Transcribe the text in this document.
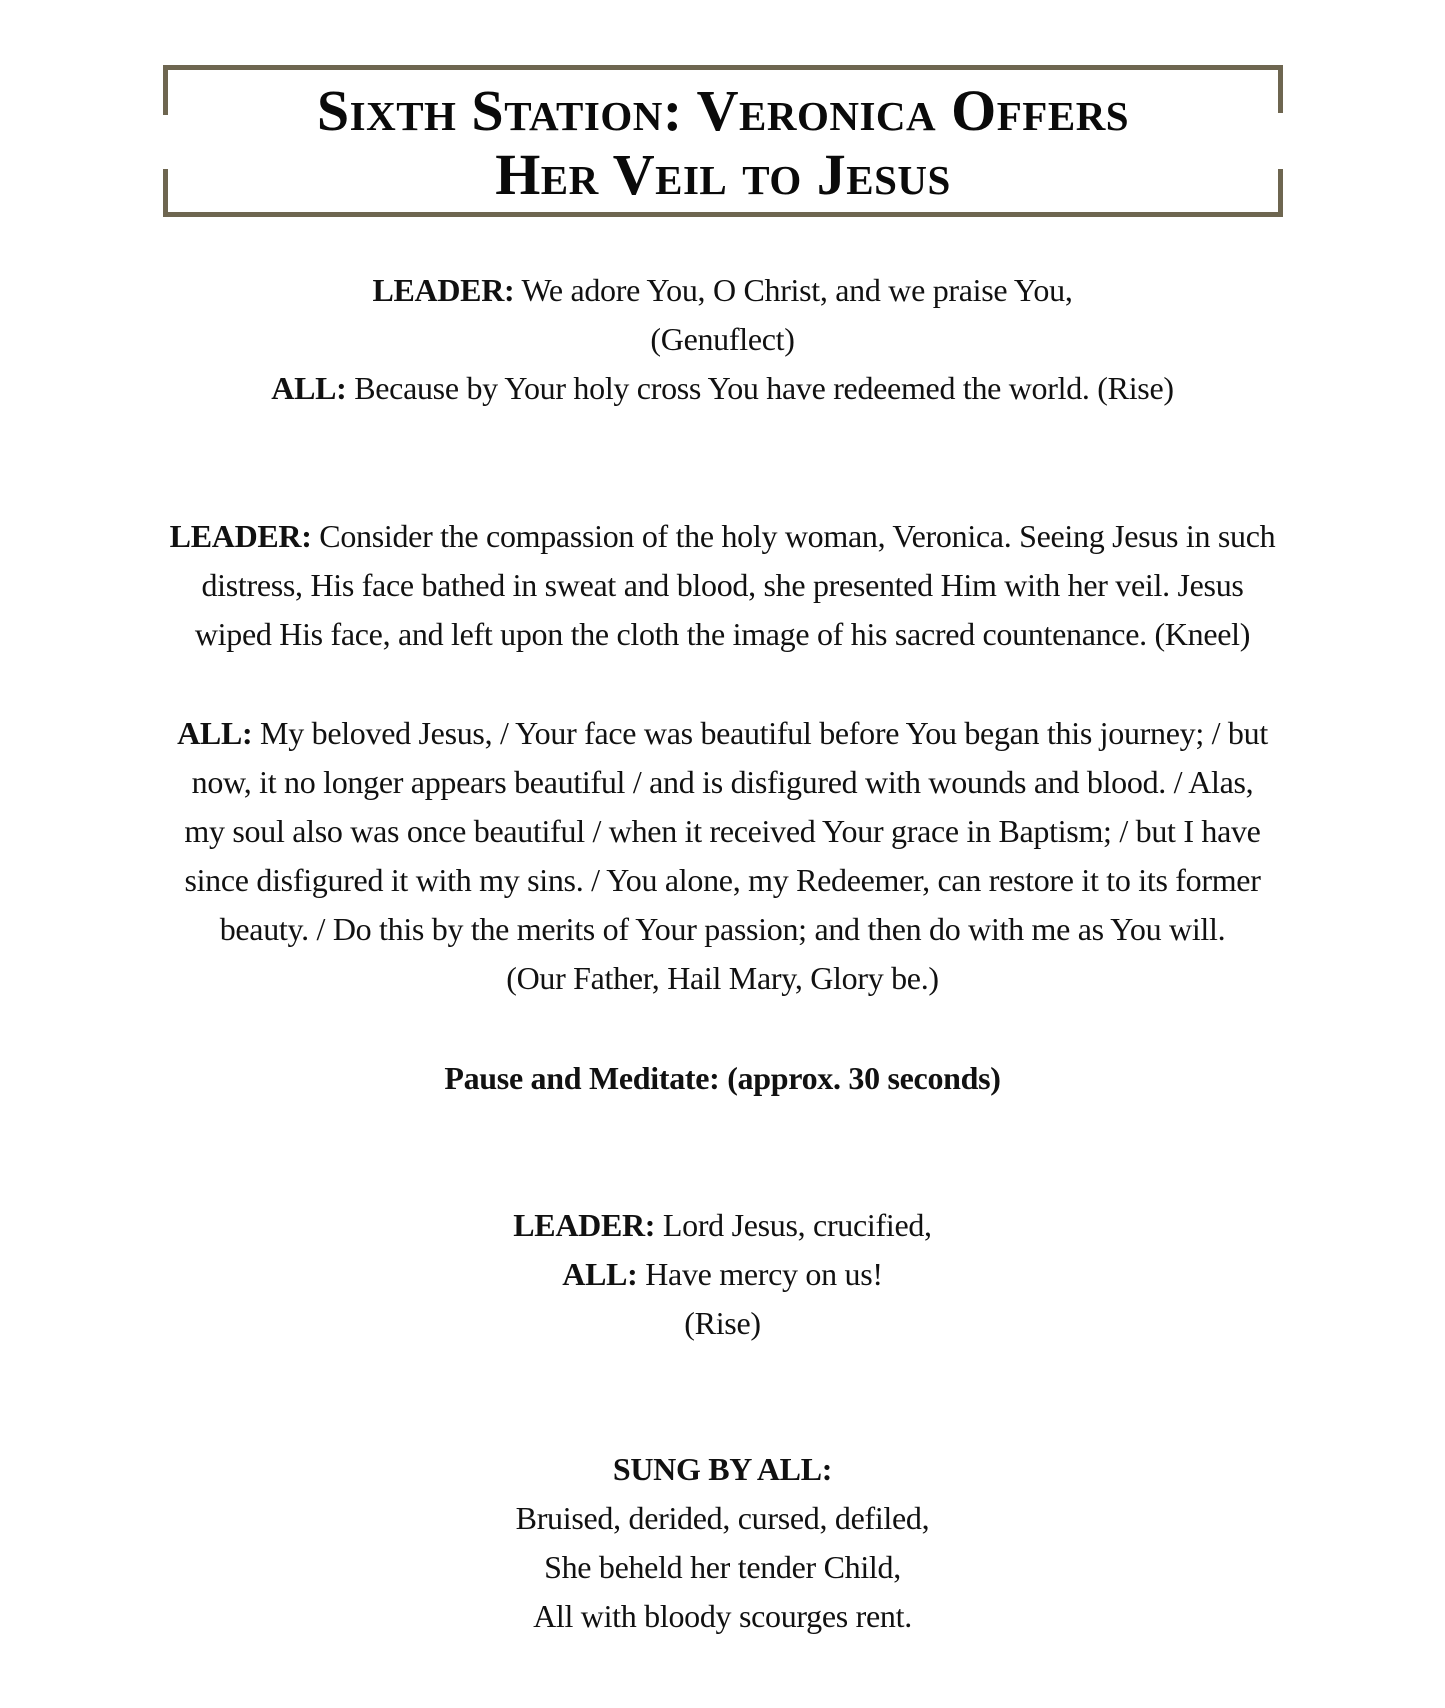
Sixth Station: Veronica Offers
Her Veil to Jesus
LEADER: We adore You, O Christ, and we praise You,
(Genuflect)
ALL: Because by Your holy cross You have redeemed the world. (Rise)
LEADER: Consider the compassion of the holy woman, Veronica. Seeing Jesus in such
distress, His face bathed in sweat and blood, she presented Him with her veil. Jesus
wiped His face, and left upon the cloth the image of his sacred countenance. (Kneel)
ALL: My beloved Jesus, / Your face was beautiful before You began this journey; / but
now, it no longer appears beautiful / and is disfigured with wounds and blood. / Alas,
my soul also was once beautiful / when it received Your grace in Baptism; / but I have
since disfigured it with my sins. / You alone, my Redeemer, can restore it to its former
beauty. / Do this by the merits of Your passion; and then do with me as You will.
(Our Father, Hail Mary, Glory be.)
Pause and Meditate: (approx. 30 seconds)
LEADER: Lord Jesus, crucified,
ALL: Have mercy on us!
(Rise)
SUNG BY ALL:
Bruised, derided, cursed, defiled,
She beheld her tender Child,
All with bloody scourges rent.
